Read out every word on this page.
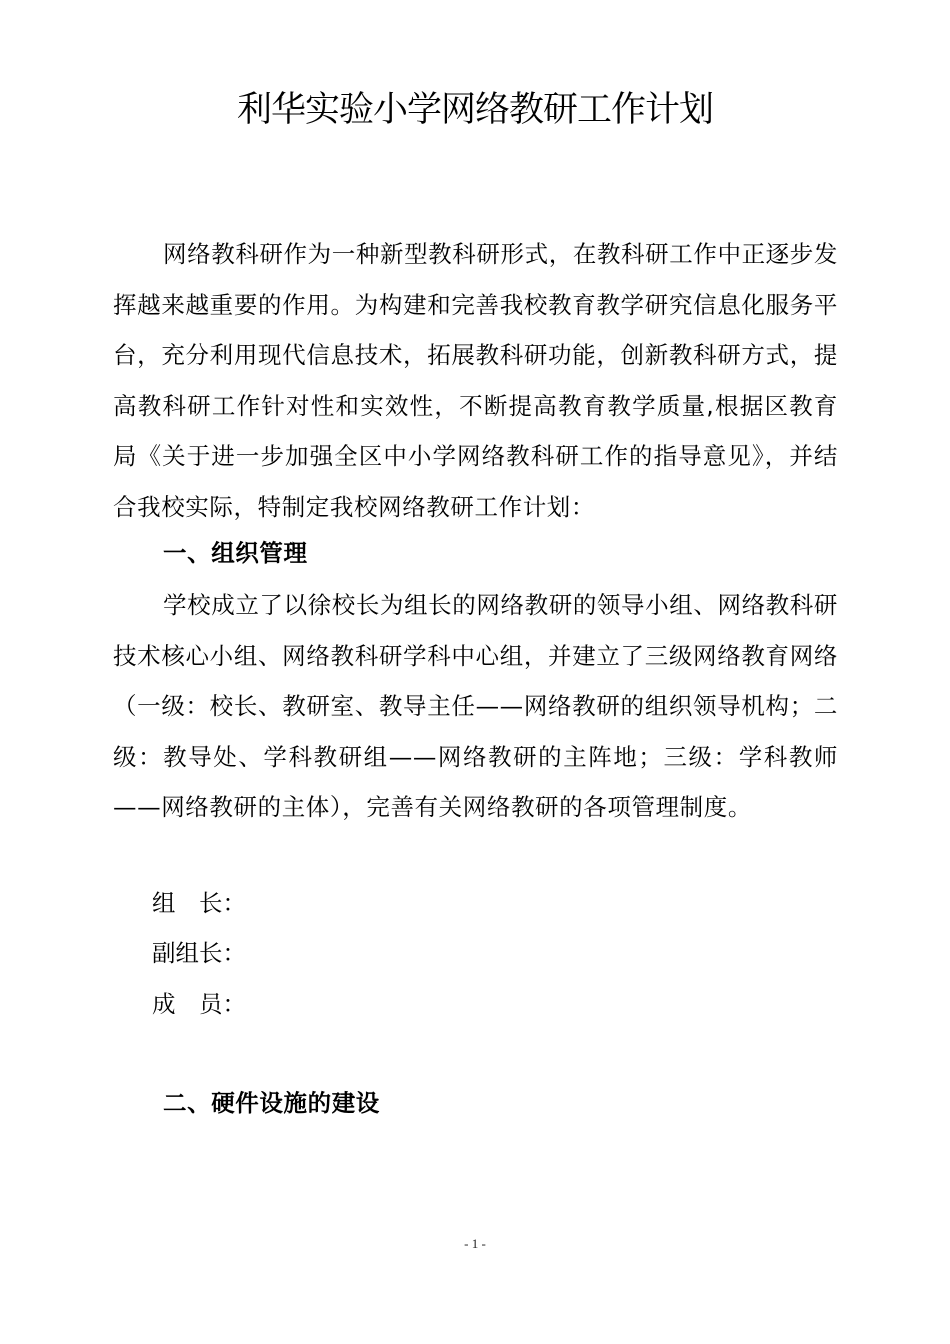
利华实验小学网络教研工作计划

网络教科研作为一种新型教科研形式，在教科研工作中正逐步发挥越来越重要的作用。为构建和完善我校教育教学研究信息化服务平台，充分利用现代信息技术，拓展教科研功能，创新教科研方式，提高教科研工作针对性和实效性，不断提高教育教学质量,根据区教育局《关于进一步加强全区中小学网络教科研工作的指导意见》，并结合我校实际，特制定我校网络教研工作计划：

一、组织管理

学校成立了以徐校长为组长的网络教研的领导小组、网络教科研技术核心小组、网络教科研学科中心组，并建立了三级网络教育网络（一级：校长、教研室、教导主任——网络教研的组织领导机构；二级：教导处、学科教研组——网络教研的主阵地；三级：学科教师——网络教研的主体），完善有关网络教研的各项管理制度。

组　长：

副组长：

成　员：

二、硬件设施的建设
- 1 -
